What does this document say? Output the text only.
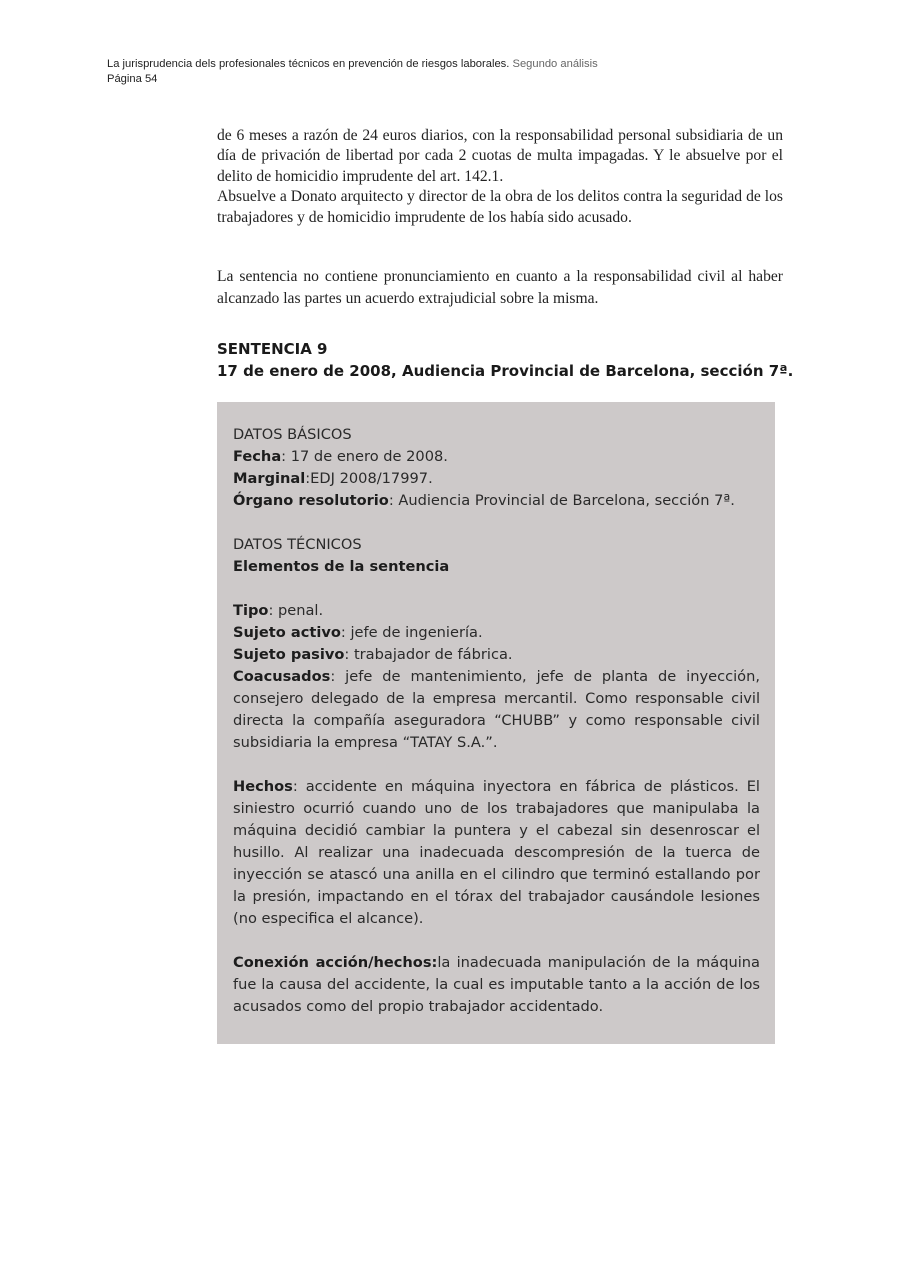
La jurisprudencia dels profesionales técnicos en prevención de riesgos laborales. Segundo análisis
Página 54

de 6 meses a razón de 24 euros diarios, con la responsabilidad personal subsidiaria de un día de privación de libertad por cada 2 cuotas de multa impagadas. Y le absuelve por el delito de homicidio imprudente del art. 142.1.
Absuelve a Donato arquitecto y director de la obra de los delitos contra la seguridad de los trabajadores y de homicidio imprudente de los había sido acusado.

La sentencia no contiene pronunciamiento en cuanto a la responsabilidad civil al haber alcanzado las partes un acuerdo extrajudicial sobre la misma.

SENTENCIA 9
17 de enero de 2008, Audiencia Provincial de Barcelona, sección 7ª.

DATOS BÁSICOS

Fecha: 17 de enero de 2008.

Marginal:EDJ 2008/17997.

Órgano resolutorio: Audiencia Provincial de Barcelona, sección 7ª.

DATOS TÉCNICOS

Elementos de la sentencia

Tipo: penal.

Sujeto activo: jefe de ingeniería.

Sujeto pasivo: trabajador de fábrica.

Coacusados: jefe de mantenimiento, jefe de planta de inyección, consejero delegado de la empresa mercantil. Como responsable civil directa la compañía aseguradora “CHUBB” y como responsable civil subsidiaria la empresa “TATAY S.A.”.

Hechos: accidente en máquina inyectora en fábrica de plásticos. El siniestro ocurrió cuando uno de los trabajadores que manipulaba la máquina decidió cambiar la puntera y el cabezal sin desenroscar el husillo. Al realizar una inadecuada descompresión de la tuerca de inyección se atascó una anilla en el cilindro que terminó estallando por la presión, impactando en el tórax del trabajador causándole lesiones (no especifica el alcance).

Conexión acción/hechos:la inadecuada manipulación de la máquina fue la causa del accidente, la cual es imputable tanto a la acción de los acusados como del propio trabajador accidentado.
